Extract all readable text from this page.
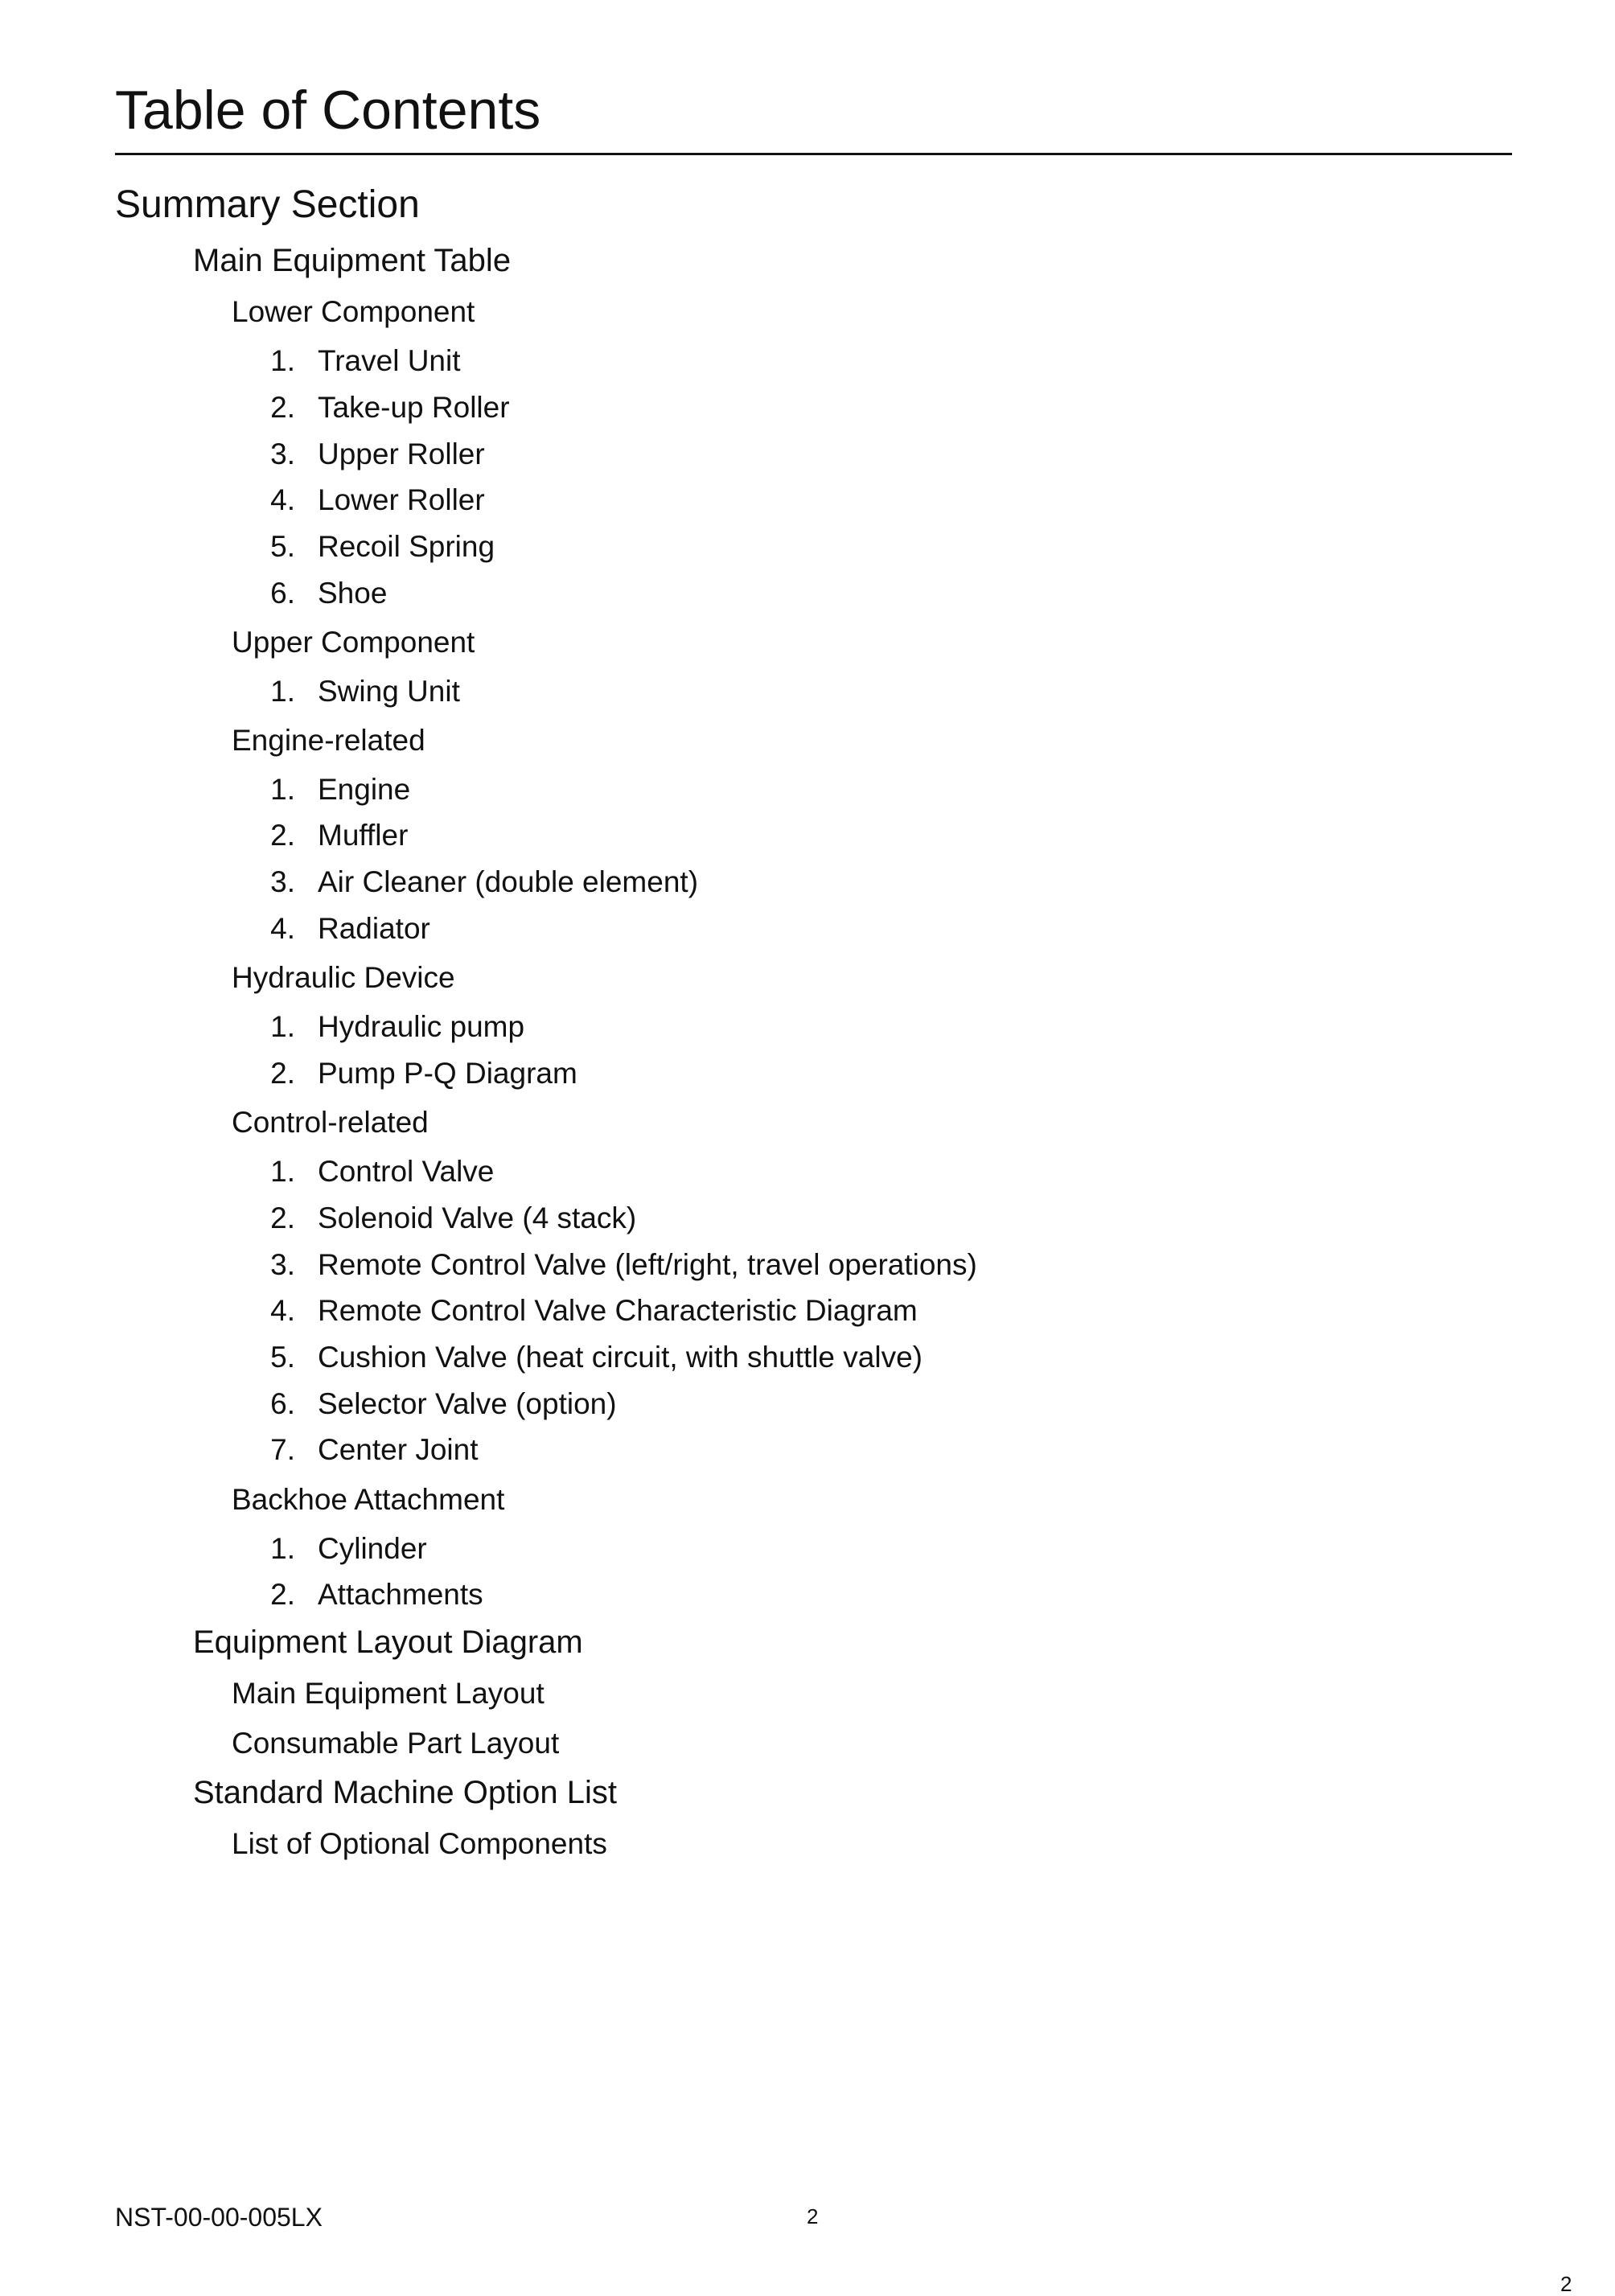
Table of Contents
Summary Section
Main Equipment Table
Lower Component
1. Travel Unit
2. Take-up Roller
3. Upper Roller
4. Lower Roller
5. Recoil Spring
6. Shoe
Upper Component
1. Swing Unit
Engine-related
1. Engine
2. Muffler
3. Air Cleaner (double element)
4. Radiator
Hydraulic Device
1. Hydraulic pump
2. Pump P-Q Diagram
Control-related
1. Control Valve
2. Solenoid Valve (4 stack)
3. Remote Control Valve (left/right, travel operations)
4. Remote Control Valve Characteristic Diagram
5. Cushion Valve (heat circuit, with shuttle valve)
6. Selector Valve (option)
7. Center Joint
Backhoe Attachment
1. Cylinder
2. Attachments
Equipment Layout Diagram
Main Equipment Layout
Consumable Part Layout
Standard Machine Option List
List of Optional Components
NST-00-00-005LX	2
2
